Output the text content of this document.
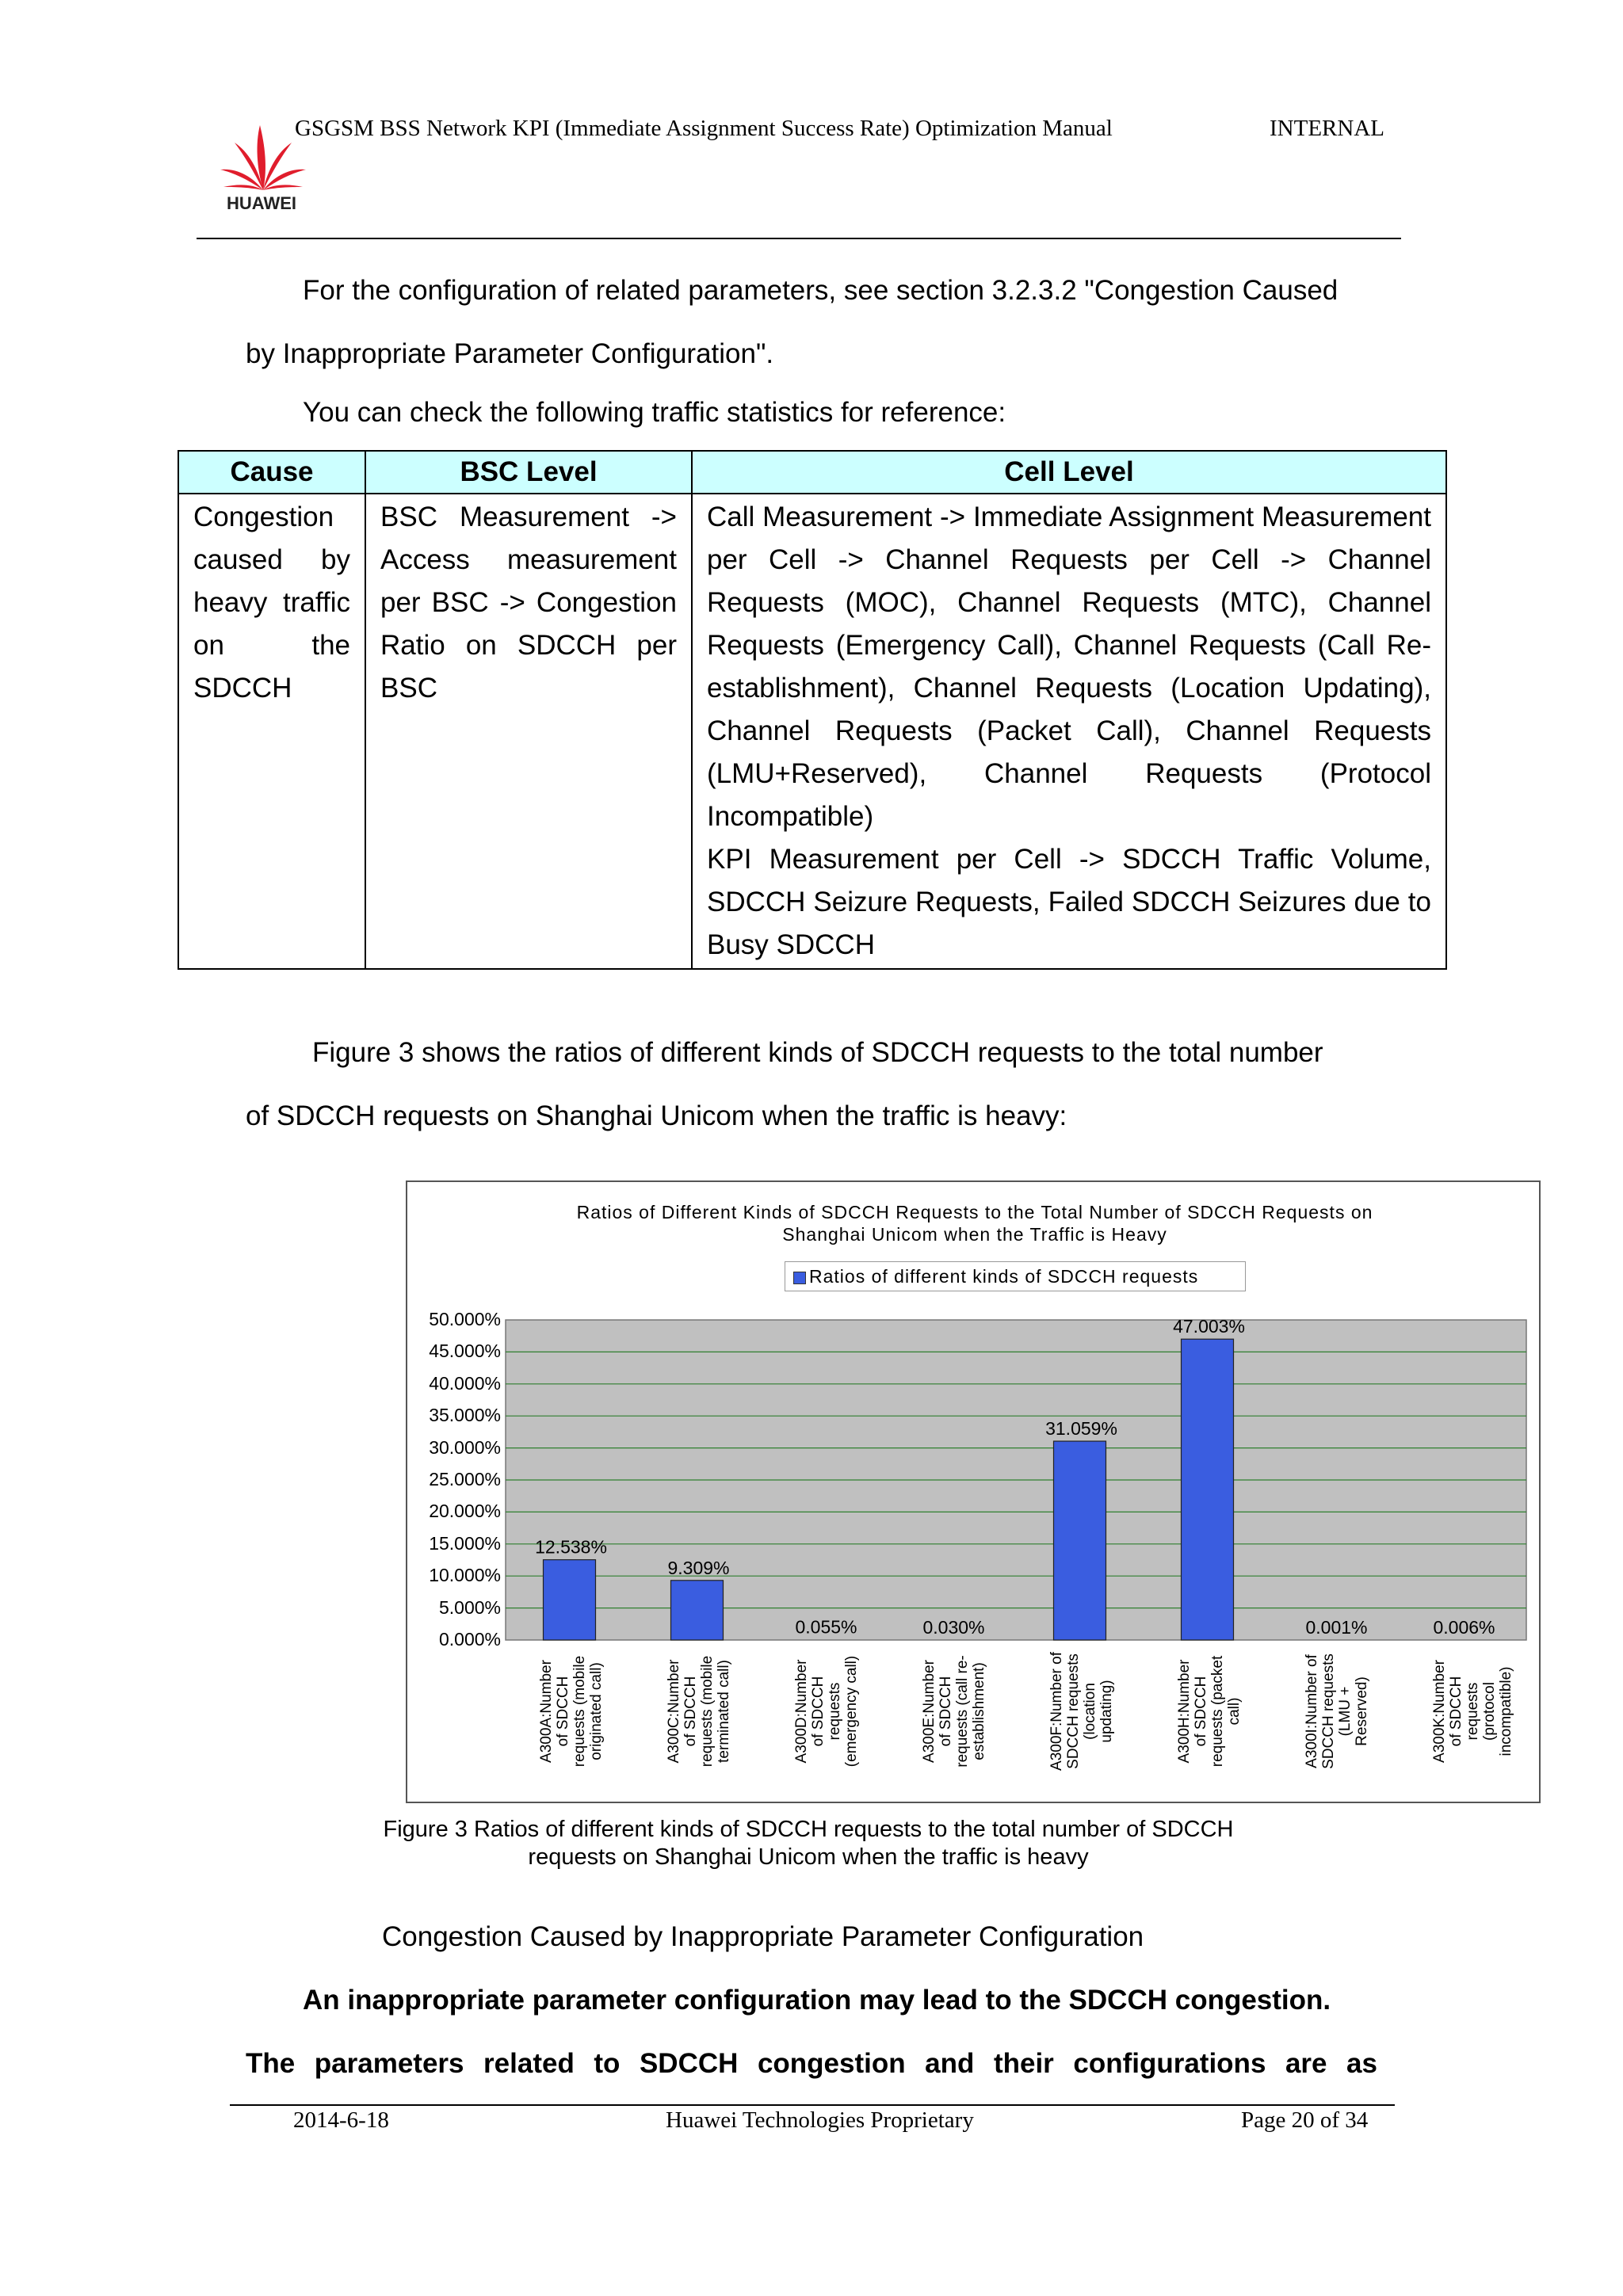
HUAWEI
GSGSM BSS Network KPI (Immediate Assignment Success Rate) Optimization Manual	INTERNAL
For the configuration of related parameters, see section 3.2.3.2 "Congestion Caused
by Inappropriate Parameter Configuration".
You can check the following traffic statistics for reference:
Cause	BSC Level	Cell Level
Congestion caused by heavy traffic on the SDCCH	BSC Measurement -> Access measurement per BSC -> Congestion Ratio on SDCCH per BSC	Call Measurement -> Immediate Assignment Measurement per Cell -> Channel Requests per Cell -> Channel Requests (MOC), Channel Requests (MTC), Channel Requests (Emergency Call), Channel Requests (Call Re-establishment), Channel Requests (Location Updating), Channel Requests (Packet Call), Channel Requests (LMU+Reserved), Channel Requests (Protocol Incompatible)
KPI Measurement per Cell -> SDCCH Traffic Volume, SDCCH Seizure Requests, Failed SDCCH Seizures due to Busy SDCCH
Figure 3 shows the ratios of different kinds of SDCCH requests to the total number
of SDCCH requests on Shanghai Unicom when the traffic is heavy:
Ratios of Different Kinds of SDCCH Requests to the Total Number of SDCCH Requests on
Shanghai Unicom when the Traffic is Heavy
Ratios of different kinds of SDCCH requests
12.538%
9.309%
0.055%	0.030%
31.059%
47.003%
0.001%	0.006%
50.000%
45.000%
40.000%
35.000%
30.000%
25.000%
20.000%
15.000%
10.000%
5.000%
0.000%
A300A:Number of SDCCH requests (mobile originated call)	A300C:Number of SDCCH requests (mobile terminated call)	A300D:Number of SDCCH requests (emergency call)	A300E:Number of SDCCH requests (call re-establishment)	A300F:Number of SDCCH requests (location updating)	A300H:Number of SDCCH requests (packet call)	A300I:Number of SDCCH requests (LMU + Reserved)	A300K:Number of SDCCH requests (protocol incompatible)
Figure 3 Ratios of different kinds of SDCCH requests to the total number of SDCCH
requests on Shanghai Unicom when the traffic is heavy
Congestion Caused by Inappropriate Parameter Configuration
An inappropriate parameter configuration may lead to the SDCCH congestion.
The parameters related to SDCCH congestion and their configurations are as
2014-6-18	Huawei Technologies Proprietary	Page 20 of 34
